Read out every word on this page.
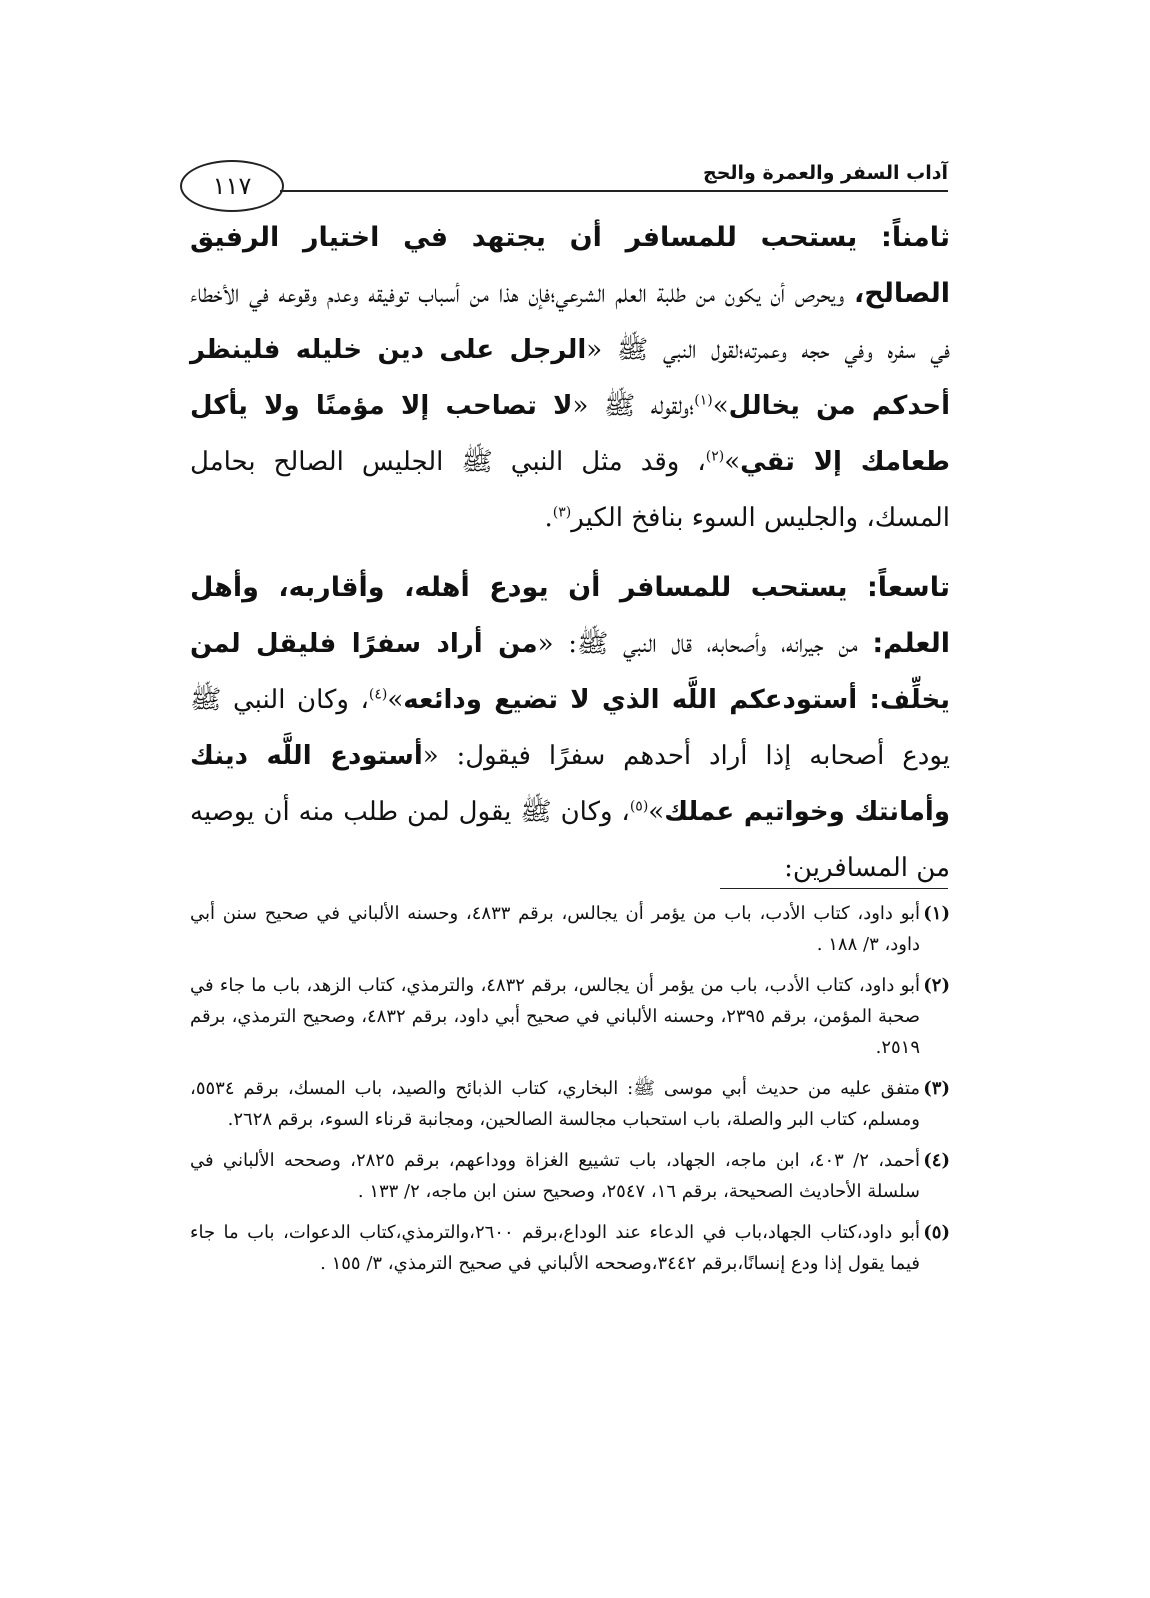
آداب السفر والعمرة والحج
١١٧

ثامناً: يستحب للمسافر أن يجتهد في اختيار الرفيق الصالح، ويحرص أن يكون من طلبة العلم الشرعي؛فإن هذا من أسباب توفيقه وعدم وقوعه في الأخطاء في سفره وفي حجه وعمرته؛لقول النبي ﷺ «الرجل على دين خليله فلينظر أحدكم من يخالل»$^{(١)}$؛ولقوله ﷺ «لا تصاحب إلا مؤمنًا ولا يأكل طعامك إلا تقي»$^{(٢)}$، وقد مثل النبي ﷺ الجليس الصالح بحامل المسك، والجليس السوء بنافخ الكير$^{(٣)}$.

تاسعاً: يستحب للمسافر أن يودع أهله، وأقاربه، وأهل العلم: من جيرانه، وأصحابه، قال النبي ﷺ: «من أراد سفرًا فليقل لمن يخلِّف: أستودعكم اللَّه الذي لا تضيع ودائعه»$^{(٤)}$، وكان النبي ﷺ يودع أصحابه إذا أراد أحدهم سفرًا فيقول: «أستودع اللَّه دينك وأمانتك وخواتيم عملك»$^{(٥)}$، وكان ﷺ يقول لمن طلب منه أن يوصيه من المسافرين:

(١)
أبو داود، كتاب الأدب، باب من يؤمر أن يجالس، برقم ٤٨٣٣، وحسنه الألباني في صحيح سنن أبي داود، ٣/ ١٨٨ .
(٢)
أبو داود، كتاب الأدب، باب من يؤمر أن يجالس، برقم ٤٨٣٢، والترمذي، كتاب الزهد، باب ما جاء في صحبة المؤمن، برقم ٢٣٩٥، وحسنه الألباني في صحيح أبي داود، برقم ٤٨٣٢، وصحيح الترمذي، برقم ٢٥١٩.
(٣)
متفق عليه من حديث أبي موسى ﷺ: البخاري، كتاب الذبائح والصيد، باب المسك، برقم ٥٥٣٤، ومسلم، كتاب البر والصلة، باب استحباب مجالسة الصالحين، ومجانبة قرناء السوء، برقم ٢٦٢٨.
(٤)
أحمد، ٢/ ٤٠٣، ابن ماجه، الجهاد، باب تشييع الغزاة ووداعهم، برقم ٢٨٢٥، وصححه الألباني في سلسلة الأحاديث الصحيحة، برقم ١٦، ٢٥٤٧، وصحيح سنن ابن ماجه، ٢/ ١٣٣ .
(٥)
أبو داود،كتاب الجهاد،باب في الدعاء عند الوداع،برقم ٢٦٠٠،والترمذي،كتاب الدعوات، باب ما جاء فيما يقول إذا ودع إنسانًا،برقم ٣٤٤٢،وصححه الألباني في صحيح الترمذي، ٣/ ١٥٥ .
